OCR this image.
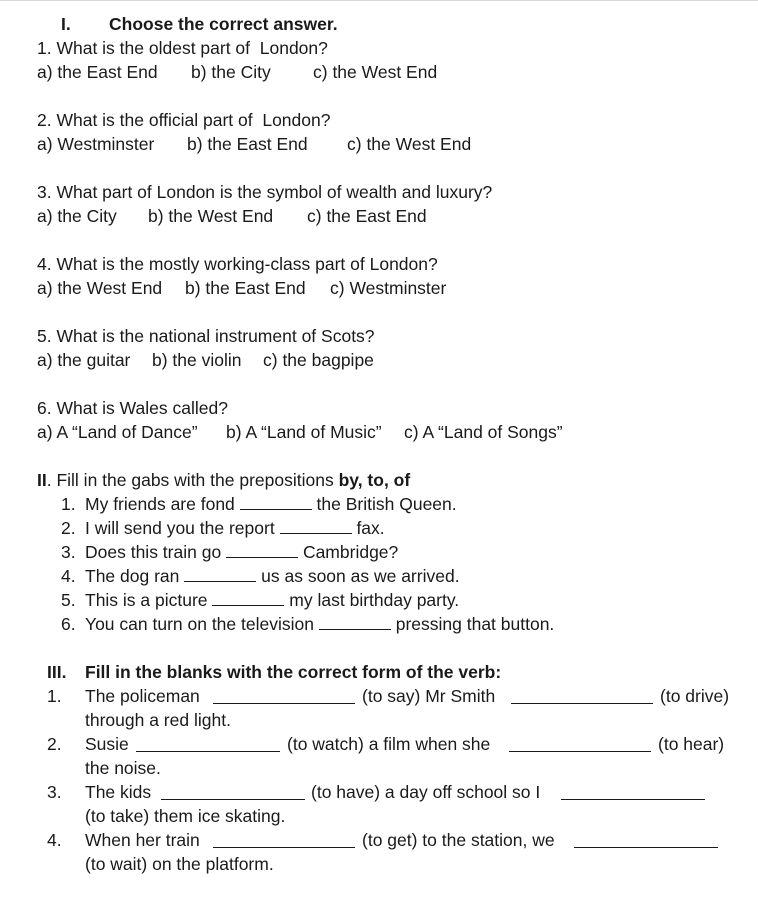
I. Choose the correct answer.
1. What is the oldest part of  London?
a) the East End b) the City c) the West End
2. What is the official part of  London?
a) Westminster b) the East End c) the West End
3. What part of London is the symbol of wealth and luxury?
a) the City b) the West End c) the East End
4. What is the mostly working-class part of London?
a) the West End b) the East End c) Westminster
5. What is the national instrument of Scots?
a) the guitar b) the violin c) the bagpipe
6. What is Wales called?
a) A “Land of Dance” b) A “Land of Music” c) A “Land of Songs”
II. Fill in the gabs with the prepositions by, to, of
1. My friends are fond	the British Queen.
2. I will send you the report	fax.
3. Does this train go	Cambridge?
4. The dog ran	us as soon as we arrived.
5. This is a picture	my last birthday party.
6. You can turn on the television	pressing that button.
III. Fill in the blanks with the correct form of the verb:
1. The policeman	(to say) Mr Smith	(to drive)
through a red light.
2. Susie	(to watch) a film when she	(to hear)
the noise.
3. The kids	(to have) a day off school so I
(to take) them ice skating.
4. When her train	(to get) to the station, we
(to wait) on the platform.
